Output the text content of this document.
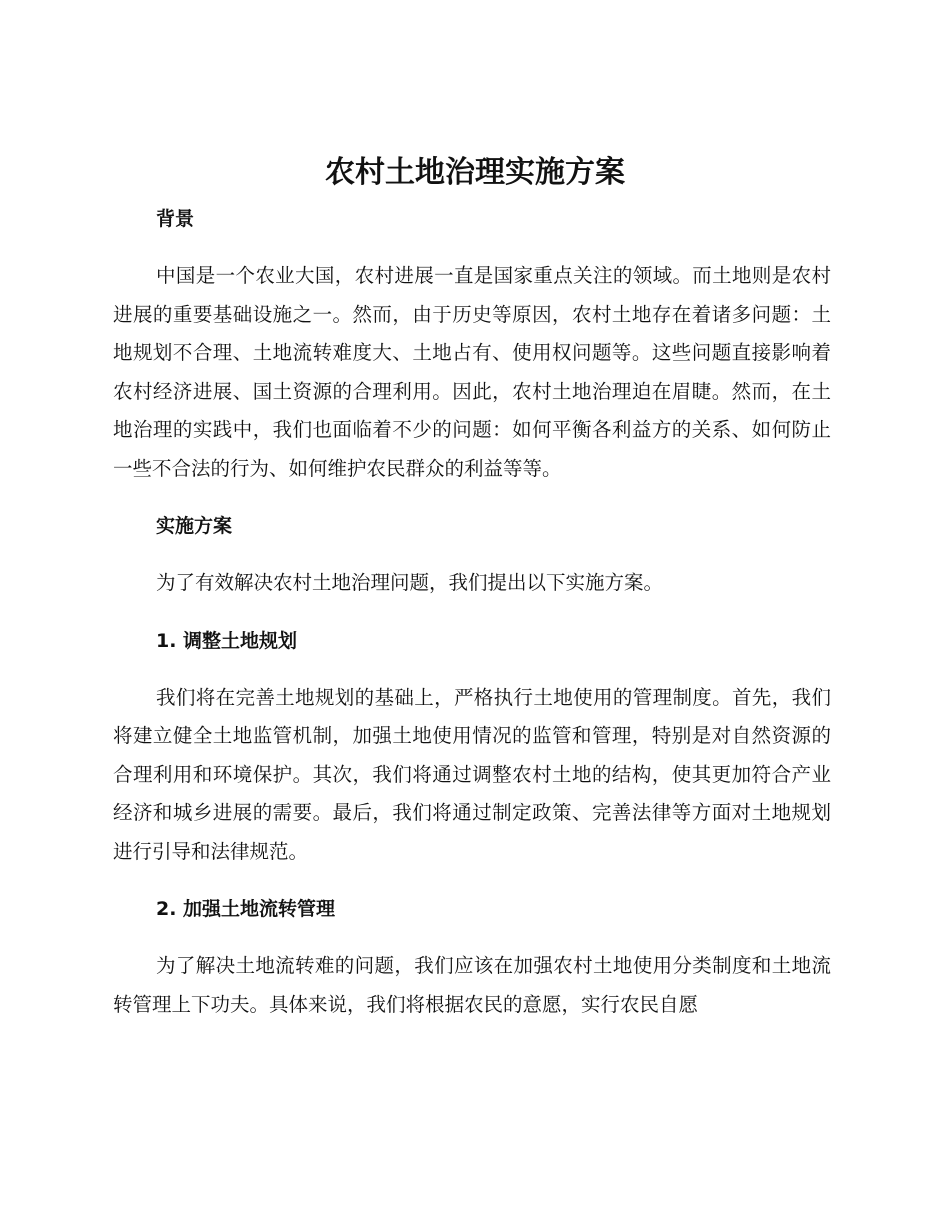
农村土地治理实施方案

背景

中国是一个农业大国，农村进展一直是国家重点关注的领域。而土地则是农村进展的重要基础设施之一。然而，由于历史等原因，农村土地存在着诸多问题：土地规划不合理、土地流转难度大、土地占有、使用权问题等。这些问题直接影响着农村经济进展、国土资源的合理利用。因此，农村土地治理迫在眉睫。然而，在土地治理的实践中，我们也面临着不少的问题：如何平衡各利益方的关系、如何防止一些不合法的行为、如何维护农民群众的利益等等。

实施方案

为了有效解决农村土地治理问题，我们提出以下实施方案。

1. 调整土地规划

我们将在完善土地规划的基础上，严格执行土地使用的管理制度。首先，我们将建立健全土地监管机制，加强土地使用情况的监管和管理，特别是对自然资源的合理利用和环境保护。其次，我们将通过调整农村土地的结构，使其更加符合产业经济和城乡进展的需要。最后，我们将通过制定政策、完善法律等方面对土地规划进行引导和法律规范。

2. 加强土地流转管理

为了解决土地流转难的问题，我们应该在加强农村土地使用分类制度和土地流转管理上下功夫。具体来说，我们将根据农民的意愿，实行农民自愿
